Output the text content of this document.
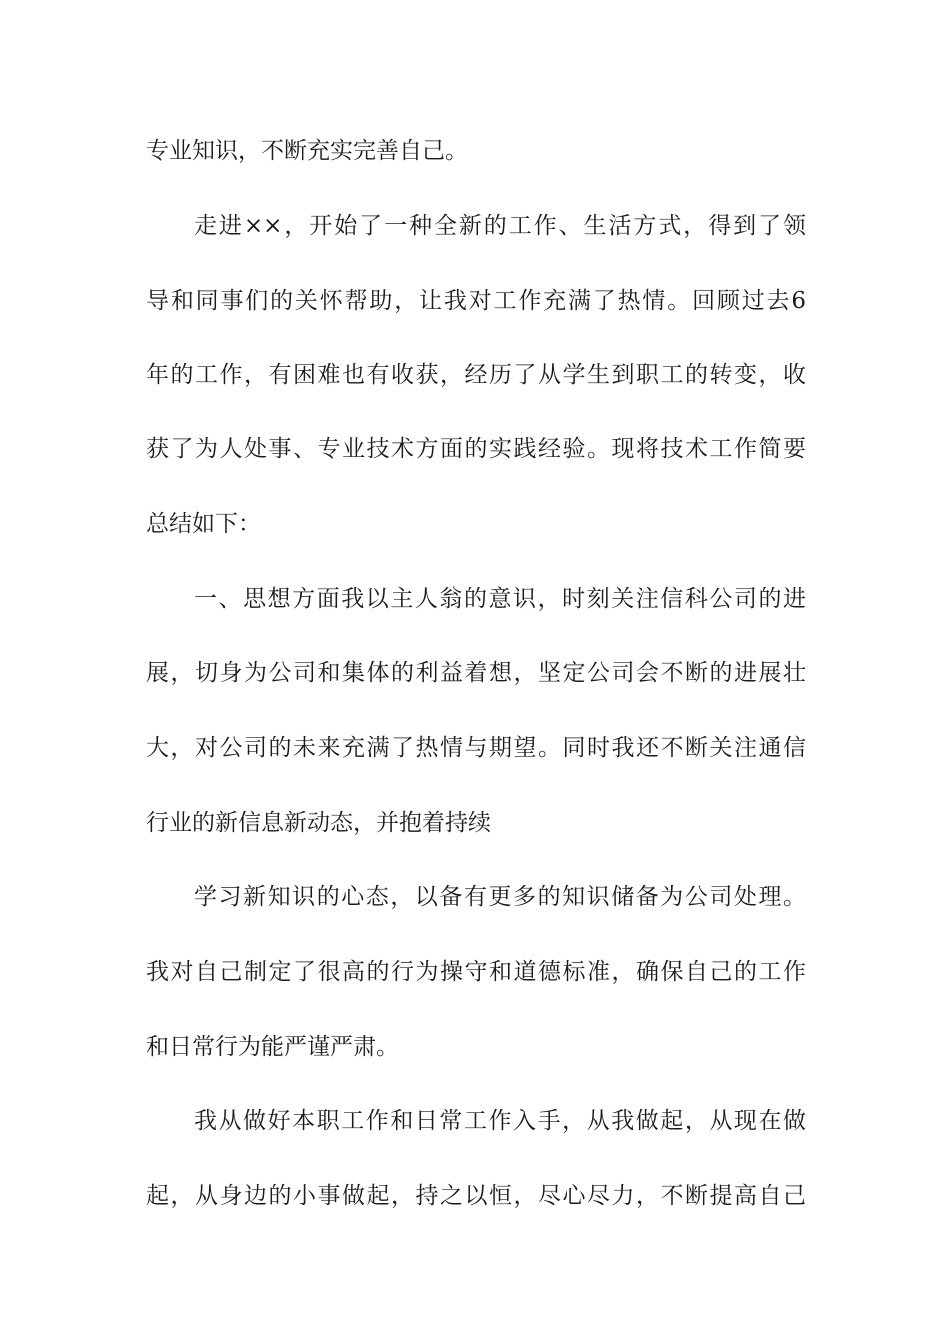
专业知识，不断充实完善自己。
走进××，开始了一种全新的工作、生活方式，得到了领
导和同事们的关怀帮助，让我对工作充满了热情。回顾过去6
年的工作，有困难也有收获，经历了从学生到职工的转变，收
获了为人处事、专业技术方面的实践经验。现将技术工作简要
总结如下：
一、思想方面我以主人翁的意识，时刻关注信科公司的进
展，切身为公司和集体的利益着想，坚定公司会不断的进展壮
大，对公司的未来充满了热情与期望。同时我还不断关注通信
行业的新信息新动态，并抱着持续
学习新知识的心态，以备有更多的知识储备为公司处理。
我对自己制定了很高的行为操守和道德标准，确保自己的工作
和日常行为能严谨严肃。
我从做好本职工作和日常工作入手，从我做起，从现在做
起，从身边的小事做起，持之以恒，尽心尽力，不断提高自己
